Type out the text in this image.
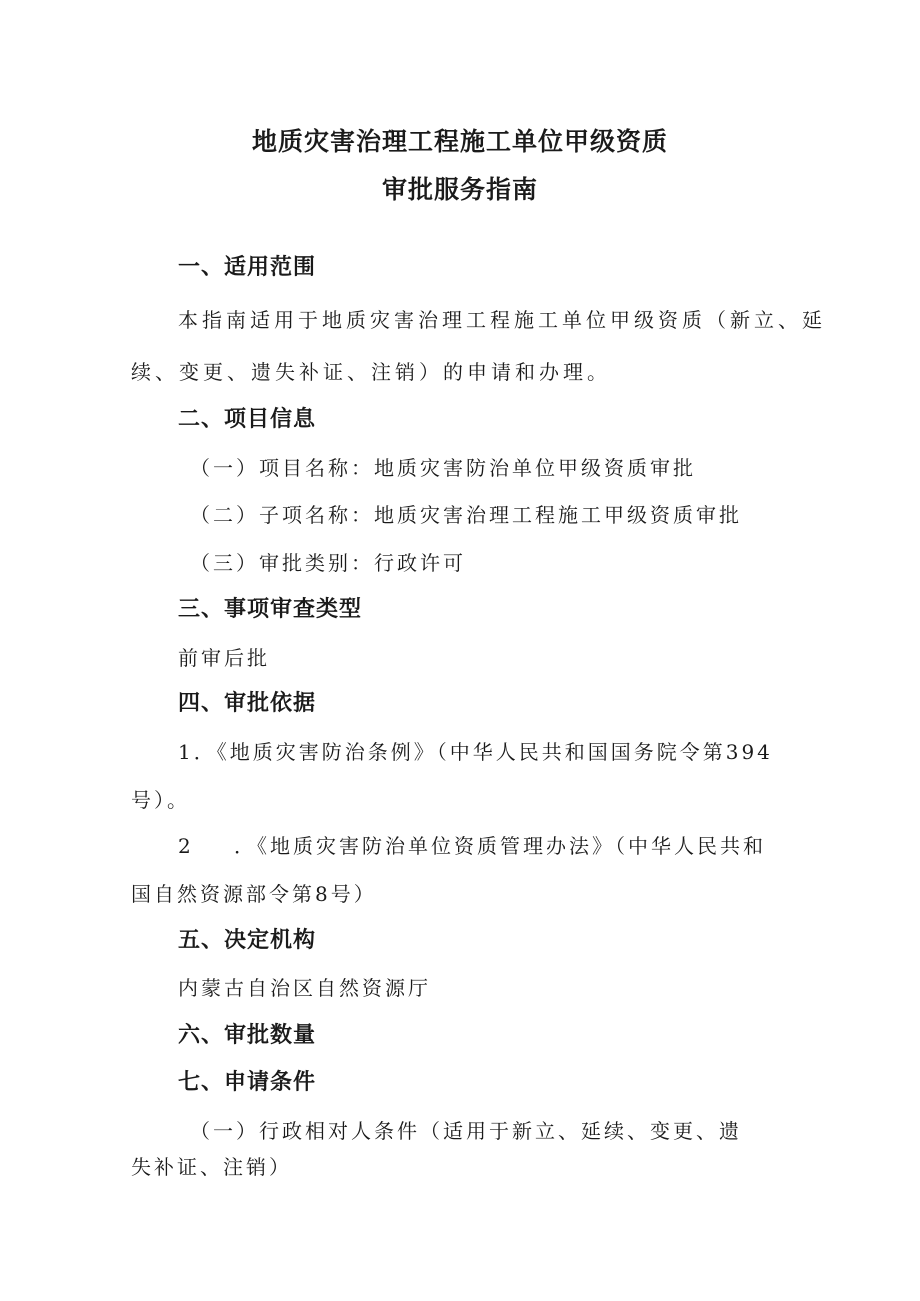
地质灾害治理工程施工单位甲级资质
审批服务指南
一、适用范围
本指南适用于地质灾害治理工程施工单位甲级资质（新立、延
续、变更、遗失补证、注销）的申请和办理。
二、项目信息
（一）项目名称：地质灾害防治单位甲级资质审批
（二）子项名称：地质灾害治理工程施工甲级资质审批
（三）审批类别：行政许可
三、事项审查类型
前审后批
四、审批依据
1．《地质灾害防治条例》（中华人民共和国国务院令第394
号）。
2 ．《地质灾害防治单位资质管理办法》（中华人民共和
国自然资源部令第8号）
五、决定机构
内蒙古自治区自然资源厅
六、审批数量
七、申请条件
（一）行政相对人条件（适用于新立、延续、变更、遗
失补证、注销）
